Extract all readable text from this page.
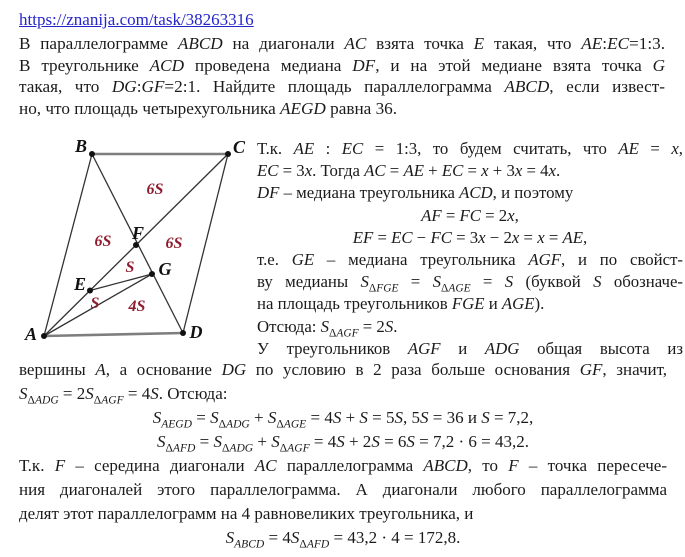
https://znanija.com/task/38263316
В параллелограмме ABCD на диагонали AC взята точка E такая, что AE:EC=1:3.
В треугольнике ACD проведена медиана DF, и на этой медиане взята точка G
такая, что DG:GF=2:1. Найдите площадь параллелограмма ABCD, если извест-
но, что площадь четырехугольника AEGD равна 36.
A
B	C
D
E
F
G
6S
6S	6S
S
S 4S
Т.к. AE : EC = 1:3, то будем считать, что AE = x,
EC = 3x. Тогда AC = AE + EC = x + 3x = 4x.
DF – медиана треугольника ACD, и поэтому
AF = FC = 2x,
EF = EC − FC = 3x − 2x = x = AE,
т.е. GE – медиана треугольника AGF, и по свойст-
ву медианы $S_{\Delta FGE} = S_{\Delta AGE} = S$ (буквой S обозначе-
на площадь треугольников FGE и AGE).
Отсюда: $S_{\Delta AGF} = 2S$.
У треугольников AGF и ADG общая высота из
вершины A, а основание DG по условию в 2 раза больше основания GF, значит,
$S_{\Delta ADG} = 2S_{\Delta AGF} = 4S$. Отсюда:
$S_{AEGD} = S_{\Delta ADG} + S_{\Delta AGE} = 4S + S = 5S$, 5S = 36 и S = 7,2,
$S_{\Delta AFD} = S_{\Delta ADG} + S_{\Delta AGF} = 4S + 2S = 6S = 7,2 \cdot 6 = 43,2$.
Т.к. F – середина диагонали AC параллелограмма ABCD, то F – точка пересече-
ния диагоналей этого параллелограмма. А диагонали любого параллелограмма
делят этот параллелограмм на 4 равновеликих треугольника, и
$S_{ABCD} = 4S_{\Delta AFD} = 43,2 \cdot 4 = 172,8$.
